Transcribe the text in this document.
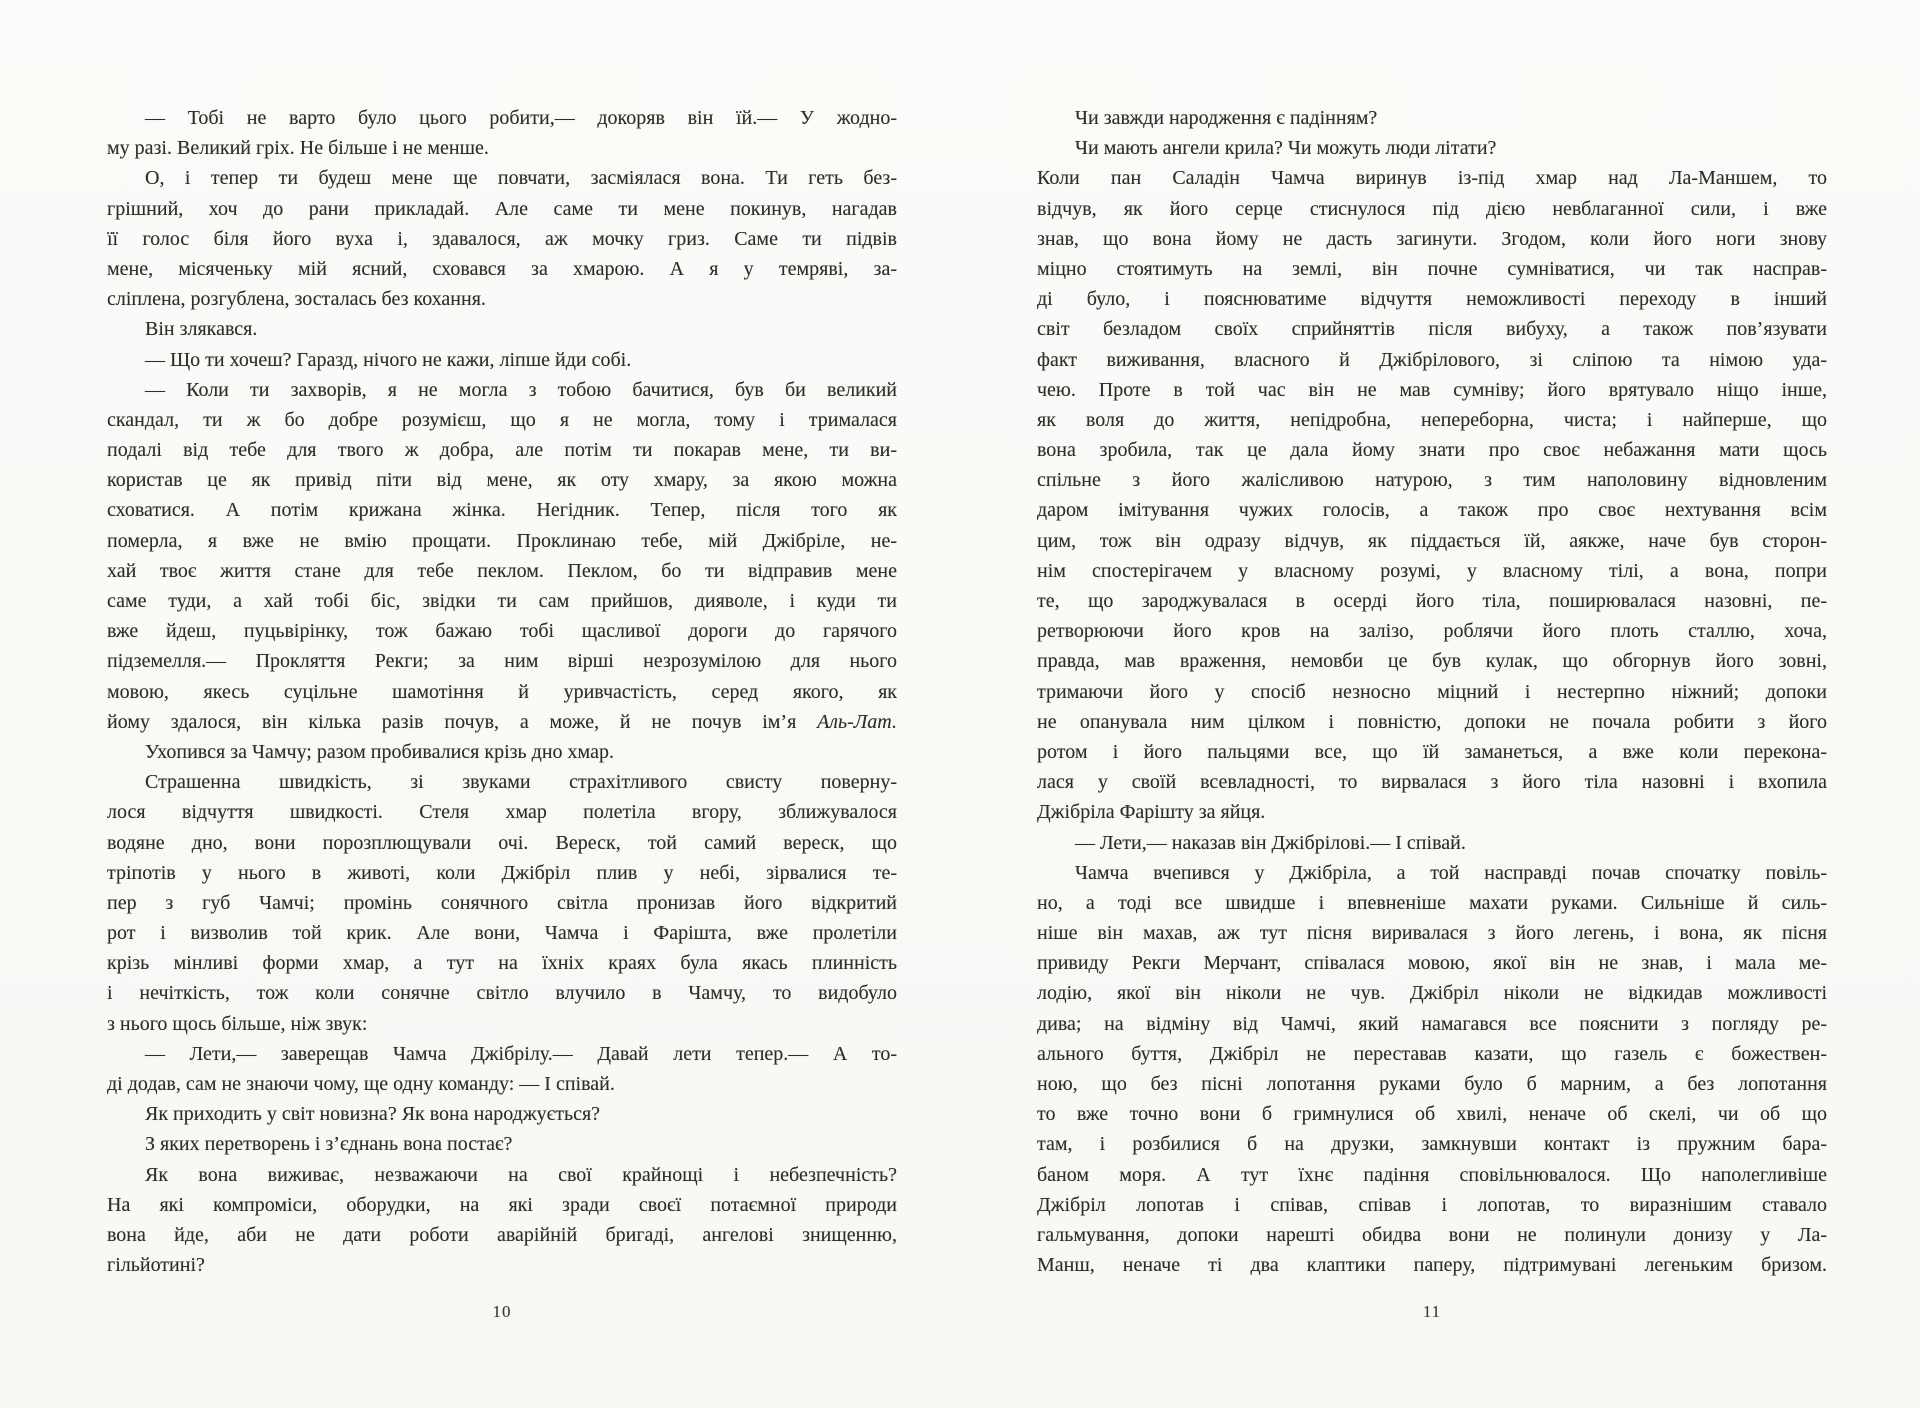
— Тобі не варто було цього робити,— докоряв він їй.— У жодно-
му разі. Великий гріх. Не більше і не менше.
О, і тепер ти будеш мене ще повчати, засміялася вона. Ти геть без-
грішний, хоч до рани прикладай. Але саме ти мене покинув, нагадав
її голос біля його вуха і, здавалося, аж мочку гриз. Саме ти підвів
мене, місяченьку мій ясний, сховався за хмарою. А я у темряві, за-
сліплена, розгублена, зосталась без кохання.
Він злякався.
— Що ти хочеш? Гаразд, нічого не кажи, ліпше йди собі.
— Коли ти захворів, я не могла з тобою бачитися, був би великий
скандал, ти ж бо добре розумієш, що я не могла, тому і трималася
подалі від тебе для твого ж добра, але потім ти покарав мене, ти ви-
користав це як привід піти від мене, як оту хмару, за якою можна
сховатися. А потім крижана жінка. Негідник. Тепер, після того як
померла, я вже не вмію прощати. Проклинаю тебе, мій Джібріле, не-
хай твоє життя стане для тебе пеклом. Пеклом, бо ти відправив мене
саме туди, а хай тобі біс, звідки ти сам прийшов, дияволе, і куди ти
вже йдеш, пуцьвірінку, тож бажаю тобі щасливої дороги до гарячого
підземелля.— Прокляття Рекги; за ним вірші незрозумілою для нього
мовою, якесь суцільне шамотіння й уривчастість, серед якого, як
йому здалося, він кілька разів почув, а може, й не почув ім’я Аль-Лат.
Ухопився за Чамчу; разом пробивалися крізь дно хмар.
Страшенна швидкість, зі звуками страхітливого свисту поверну-
лося відчуття швидкості. Стеля хмар полетіла вгору, зближувалося
водяне дно, вони порозплющували очі. Вереск, той самий вереск, що
тріпотів у нього в животі, коли Джібріл плив у небі, зірвалися те-
пер з губ Чамчі; промінь сонячного світла пронизав його відкритий
рот і визволив той крик. Але вони, Чамча і Фарішта, вже пролетіли
крізь мінливі форми хмар, а тут на їхніх краях була якась плинність
і нечіткість, тож коли сонячне світло влучило в Чамчу, то видобуло
з нього щось більше, ніж звук:
— Лети,— заверещав Чамча Джібрілу.— Давай лети тепер.— А то-
ді додав, сам не знаючи чому, ще одну команду: — І співай.
Як приходить у світ новизна? Як вона народжується?
З яких перетворень і з’єднань вона постає?
Як вона виживає, незважаючи на свої крайнощі і небезпечність?
На які компроміси, оборудки, на які зради своєї потаємної природи
вона йде, аби не дати роботи аварійній бригаді, ангелові знищенню,
гільйотині?
10
Чи завжди народження є падінням?
Чи мають ангели крила? Чи можуть люди літати?
Коли пан Саладін Чамча виринув із-під хмар над Ла-Маншем, то
відчув, як його серце стиснулося під дією невблаганної сили, і вже
знав, що вона йому не дасть загинути. Згодом, коли його ноги знову
міцно стоятимуть на землі, він почне сумніватися, чи так насправ-
ді було, і пояснюватиме відчуття неможливості переходу в інший
світ безладом своїх сприйняттів після вибуху, а також пов’язувати
факт виживання, власного й Джібрілового, зі сліпою та німою уда-
чею. Проте в той час він не мав сумніву; його врятувало ніщо інше,
як воля до життя, непідробна, непереборна, чиста; і найперше, що
вона зробила, так це дала йому знати про своє небажання мати щось
спільне з його жалісливою натурою, з тим наполовину відновленим
даром імітування чужих голосів, а також про своє нехтування всім
цим, тож він одразу відчув, як піддається їй, аякже, наче був сторон-
нім спостерігачем у власному розумі, у власному тілі, а вона, попри
те, що зароджувалася в осерді його тіла, поширювалася назовні, пе-
ретворюючи його кров на залізо, роблячи його плоть сталлю, хоча,
правда, мав враження, немовби це був кулак, що обгорнув його зовні,
тримаючи його у спосіб незносно міцний і нестерпно ніжний; допоки
не опанувала ним цілком і повністю, допоки не почала робити з його
ротом і його пальцями все, що їй заманеться, а вже коли перекона-
лася у своїй всевладності, то вирвалася з його тіла назовні і вхопила
Джібріла Фарішту за яйця.
— Лети,— наказав він Джібрілові.— І співай.
Чамча вчепився у Джібріла, а той насправді почав спочатку повіль-
но, а тоді все швидше і впевненіше махати руками. Сильніше й силь-
ніше він махав, аж тут пісня виривалася з його легень, і вона, як пісня
привиду Рекги Мерчант, співалася мовою, якої він не знав, і мала ме-
лодію, якої він ніколи не чув. Джібріл ніколи не відкидав можливості
дива; на відміну від Чамчі, який намагався все пояснити з погляду ре-
ального буття, Джібріл не переставав казати, що газель є божествен-
ною, що без пісні лопотання руками було б марним, а без лопотання
то вже точно вони б гримнулися об хвилі, неначе об скелі, чи об що
там, і розбилися б на друзки, замкнувши контакт із пружним бара-
баном моря. А тут їхнє падіння сповільнювалося. Що наполегливіше
Джібріл лопотав і співав, співав і лопотав, то виразнішим ставало
гальмування, допоки нарешті обидва вони не полинули донизу у Ла-
Манш, неначе ті два клаптики паперу, підтримувані легеньким бризом.
11
